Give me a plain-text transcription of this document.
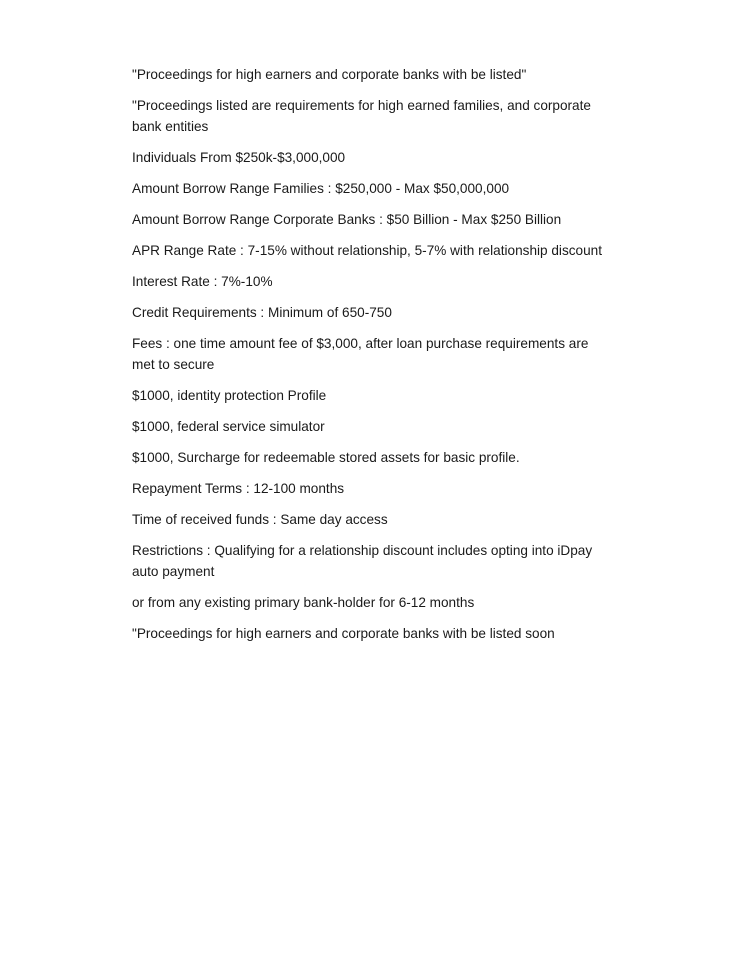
"Proceedings for high earners and corporate banks with be listed"

"Proceedings listed are requirements for high earned families, and corporate bank entities

Individuals From $250k-$3,000,000

Amount Borrow Range Families : $250,000 - Max $50,000,000

Amount Borrow Range Corporate Banks : $50 Billion - Max $250 Billion

APR Range Rate : 7-15% without relationship, 5-7% with relationship discount

Interest Rate : 7%-10%

Credit Requirements : Minimum of 650-750

Fees : one time amount fee of $3,000, after loan purchase requirements are met to secure

$1000, identity protection Profile

$1000, federal service simulator

$1000, Surcharge for redeemable stored assets for basic profile.

Repayment Terms : 12-100 months

Time of received funds : Same day access

Restrictions : Qualifying for a relationship discount includes opting into iDpay auto payment

or from any existing primary bank-holder for 6-12 months

"Proceedings for high earners and corporate banks with be listed soon
